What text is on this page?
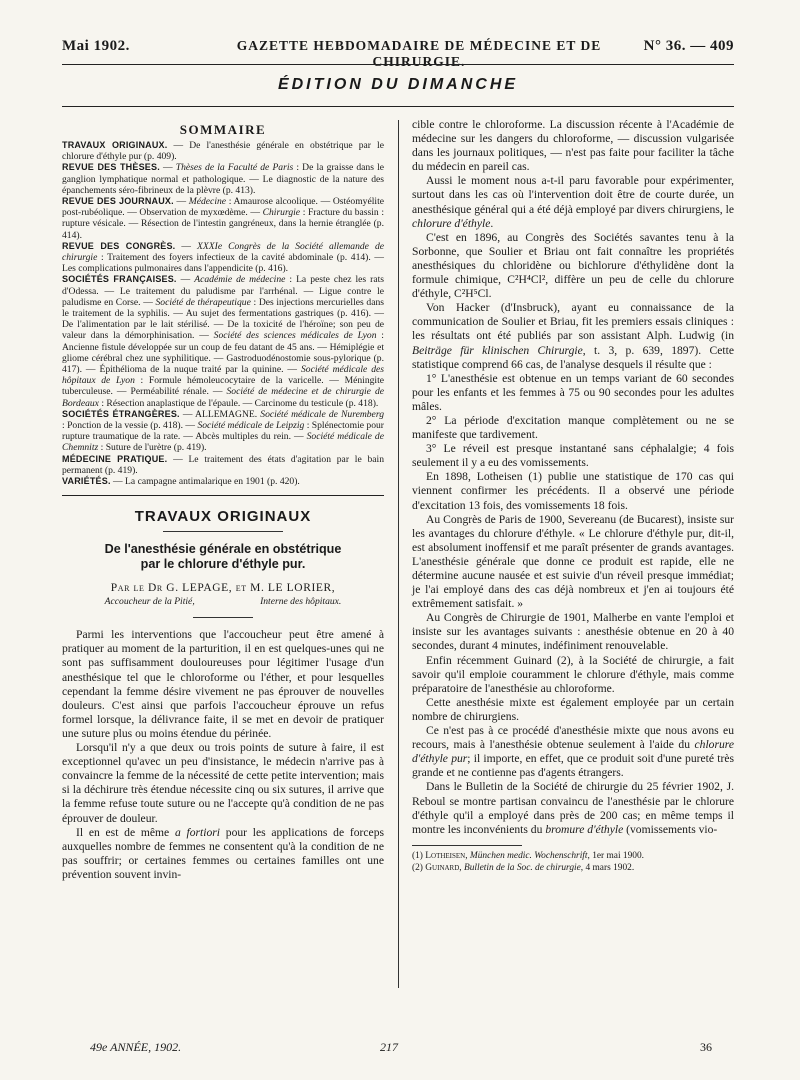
Mai 1902.	GAZETTE HEBDOMADAIRE DE MÉDECINE ET DE CHIRURGIE.
N° 36. — 409
ÉDITION DU DIMANCHE
SOMMAIRE

TRAVAUX ORIGINAUX. — De l'anesthésie générale en obstétrique par le chlorure d'éthyle pur (p. 409).

REVUE DES THÈSES. — Thèses de la Faculté de Paris : De la graisse dans le ganglion lymphatique normal et pathologique. — Le diagnostic de la nature des épanchements séro-fibrineux de la plèvre (p. 413).

REVUE DES JOURNAUX. — Médecine : Amaurose alcoolique. — Ostéomyélite post-rubéolique. — Observation de myxœdème. — Chirurgie : Fracture du bassin : rupture vésicale. — Résection de l'intestin gangréneux, dans la hernie étranglée (p. 414).

REVUE DES CONGRÈS. — XXXIe Congrès de la Société allemande de chirurgie : Traitement des foyers infectieux de la cavité abdominale (p. 414). — Les complications pulmonaires dans l'appendicite (p. 416).

SOCIÉTÉS FRANÇAISES. — Académie de médecine : La peste chez les rats d'Odessa. — Le traitement du paludisme par l'arrhénal. — Ligue contre le paludisme en Corse. — Société de thérapeutique : Des injections mercurielles dans le traitement de la syphilis. — Au sujet des fermentations gastriques (p. 416). — De l'alimentation par le lait stérilisé. — De la toxicité de l'héroïne; son peu de valeur dans la démorphinisation. — Société des sciences médicales de Lyon : Ancienne fistule développée sur un coup de feu datant de 45 ans. — Hémiplégie et gliome cérébral chez une syphilitique. — Gastroduodénostomie sous-pylorique (p. 417). — Épithélioma de la nuque traité par la quinine. — Société médicale des hôpitaux de Lyon : Formule hémoleucocytaire de la varicelle. — Méningite tuberculeuse. — Perméabilité rénale. — Société de médecine et de chirurgie de Bordeaux : Résection anaplastique de l'épaule. — Carcinome du testicule (p. 418).

SOCIÉTÉS ÉTRANGÈRES. — ALLEMAGNE. Société médicale de Nuremberg : Ponction de la vessie (p. 418). — Société médicale de Leipzig : Splénectomie pour rupture traumatique de la rate. — Abcès multiples du rein. — Société médicale de Chemnitz : Suture de l'urètre (p. 419).

MÉDECINE PRATIQUE. — Le traitement des états d'agitation par le bain permanent (p. 419).

VARIÉTÉS. — La campagne antimalarique en 1901 (p. 420).

TRAVAUX ORIGINAUX
De l'anesthésie générale en obstétrique
par le chlorure d'éthyle pur.
Par le Dr G. LEPAGE, et M. LE LORIER,
Accoucheur de la Pitié,	Interne des hôpitaux.

Parmi les interventions que l'accoucheur peut être amené à pratiquer au moment de la parturition, il en est quelques-unes qui ne sont pas suffisamment douloureuses pour légitimer l'usage d'un anesthésique tel que le chloroforme ou l'éther, et pour lesquelles cependant la femme désire vivement ne pas éprouver de nouvelles douleurs. C'est ainsi que parfois l'accoucheur éprouve un refus formel lorsque, la délivrance faite, il se met en devoir de pratiquer une suture plus ou moins étendue du périnée.

Lorsqu'il n'y a que deux ou trois points de suture à faire, il est exceptionnel qu'avec un peu d'insistance, le médecin n'arrive pas à convaincre la femme de la nécessité de cette petite intervention; mais si la déchirure très étendue nécessite cinq ou six sutures, il arrive que la femme refuse toute suture ou ne l'accepte qu'à condition de ne pas éprouver de douleur.

Il en est de même a fortiori pour les applications de forceps auxquelles nombre de femmes ne consentent qu'à la condition de ne pas souffrir; or certaines femmes ou certaines familles ont une prévention souvent invin-

cible contre le chloroforme. La discussion récente à l'Académie de médecine sur les dangers du chloroforme, — discussion vulgarisée dans les journaux politiques, — n'est pas faite pour faciliter la tâche du médecin en pareil cas.

Aussi le moment nous a-t-il paru favorable pour expérimenter, surtout dans les cas où l'intervention doit être de courte durée, un anesthésique général qui a été déjà employé par divers chirurgiens, le chlorure d'éthyle.

C'est en 1896, au Congrès des Sociétés savantes tenu à la Sorbonne, que Soulier et Briau ont fait connaître les propriétés anesthésiques du chloridène ou bichlorure d'éthylidène dont la formule chimique, C²H⁴Cl², diffère un peu de celle du chlorure d'éthyle, C²H⁵Cl.

Von Hacker (d'Insbruck), ayant eu connaissance de la communication de Soulier et Briau, fit les premiers essais cliniques : les résultats ont été publiés par son assistant Alph. Ludwig (in Beiträge für klinischen Chirurgie, t. 3, p. 639, 1897). Cette statistique comprend 66 cas, de l'analyse desquels il résulte que :

1° L'anesthésie est obtenue en un temps variant de 60 secondes pour les enfants et les femmes à 75 ou 90 secondes pour les adultes mâles.

2° La période d'excitation manque complètement ou ne se manifeste que tardivement.

3° Le réveil est presque instantané sans céphalalgie; 4 fois seulement il y a eu des vomissements.

En 1898, Lotheisen (1) publie une statistique de 170 cas qui viennent confirmer les précédents. Il a observé une période d'excitation 13 fois, des vomissements 18 fois.

Au Congrès de Paris de 1900, Severeanu (de Bucarest), insiste sur les avantages du chlorure d'éthyle. « Le chlorure d'éthyle pur, dit-il, est absolument inoffensif et me paraît présenter de grands avantages. L'anesthésie générale que donne ce produit est rapide, elle ne détermine aucune nausée et est suivie d'un réveil presque immédiat; je l'ai employé dans des cas déjà nombreux et j'en ai toujours été extrêmement satisfait. »

Au Congrès de Chirurgie de 1901, Malherbe en vante l'emploi et insiste sur les avantages suivants : anesthésie obtenue en 20 à 40 secondes, durant 4 minutes, indéfiniment renouvelable.

Enfin récemment Guinard (2), à la Société de chirurgie, a fait savoir qu'il emploie couramment le chlorure d'éthyle, mais comme préparatoire de l'anesthésie au chloroforme.

Cette anesthésie mixte est également employée par un certain nombre de chirurgiens.

Ce n'est pas à ce procédé d'anesthésie mixte que nous avons eu recours, mais à l'anesthésie obtenue seulement à l'aide du chlorure d'éthyle pur; il importe, en effet, que ce produit soit d'une pureté très grande et ne contienne pas d'agents étrangers.

Dans le Bulletin de la Société de chirurgie du 25 février 1902, J. Reboul se montre partisan convaincu de l'anesthésie par le chlorure d'éthyle qu'il a employé dans près de 200 cas; en même temps il montre les inconvénients du bromure d'éthyle (vomissements vio-

(1) Lotheisen, München medic. Wochenschrift, 1er mai 1900.

(2) Guinard, Bulletin de la Soc. de chirurgie, 4 mars 1902.

49e ANNÉE, 1902.	217	36
